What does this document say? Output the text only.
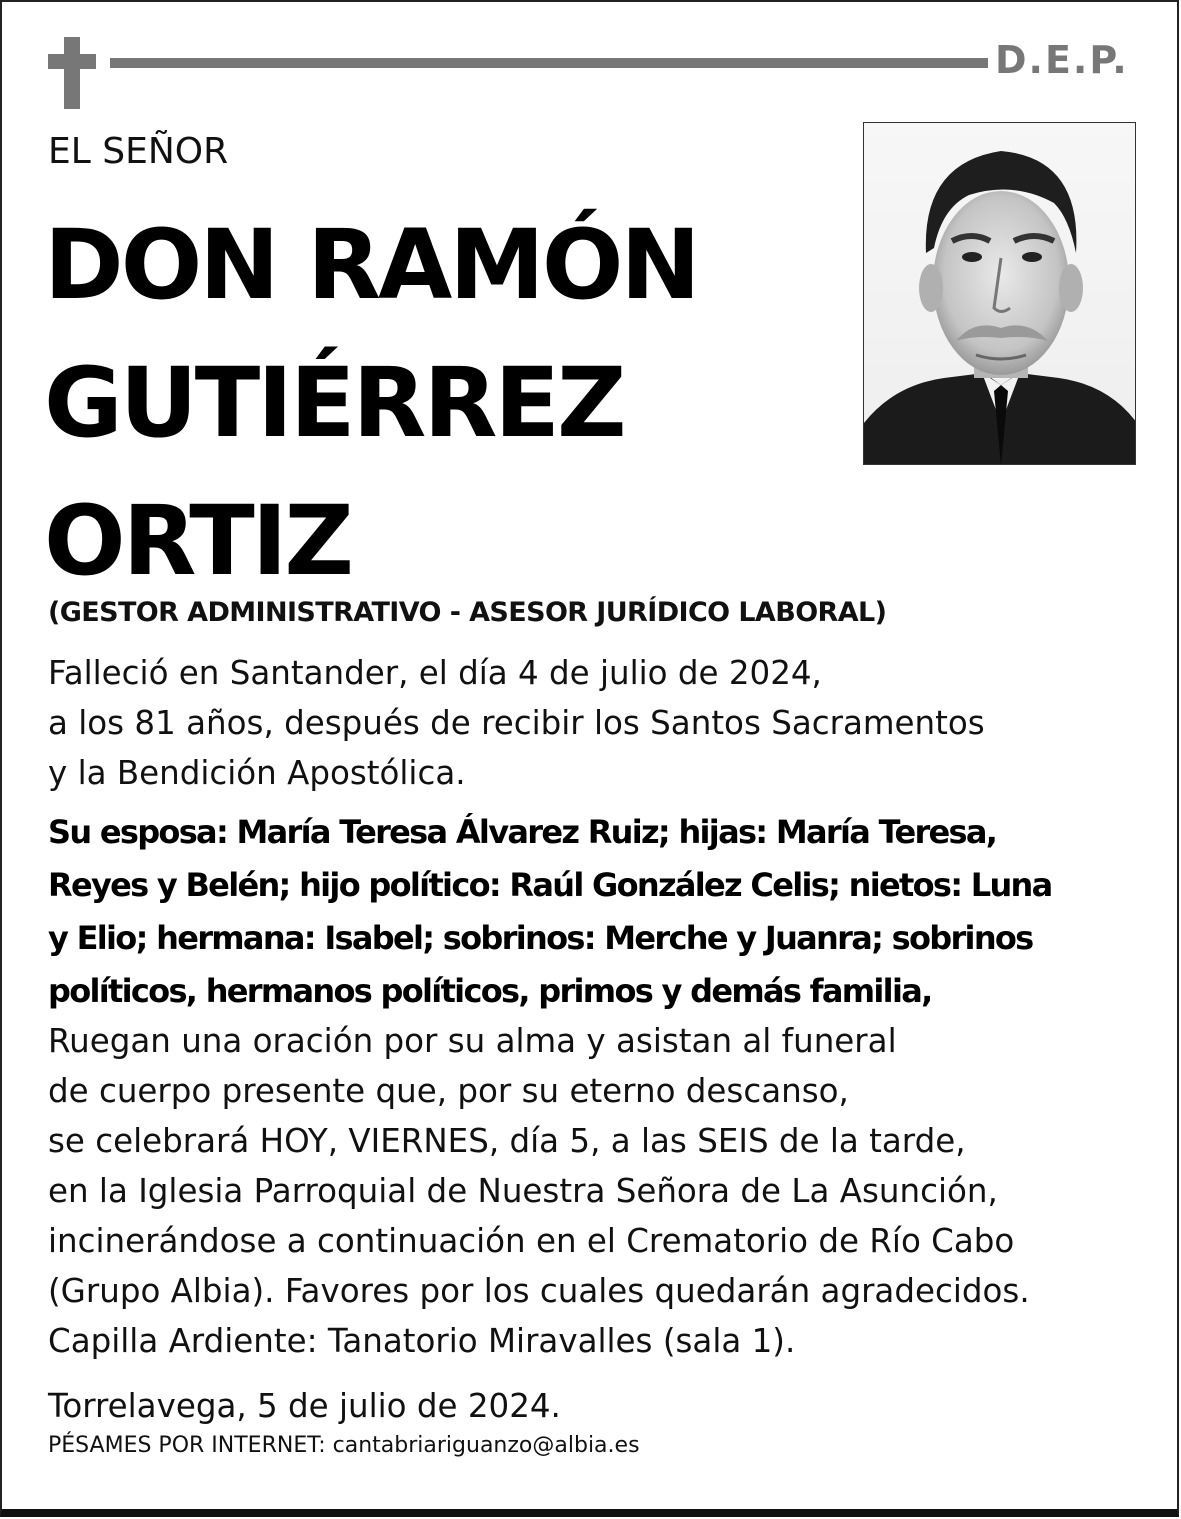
D.E.P.
EL SEÑOR
DON RAMÓN
GUTIÉRREZ
ORTIZ
(GESTOR ADMINISTRATIVO - ASESOR JURÍDICO LABORAL)
Falleció en Santander, el día 4 de julio de 2024,
a los 81 años, después de recibir los Santos Sacramentos
y la Bendición Apostólica.
Su esposa: María Teresa Álvarez Ruiz; hijas: María Teresa,
Reyes y Belén; hijo político: Raúl González Celis; nietos: Luna
y Elio; hermana: Isabel; sobrinos: Merche y Juanra; sobrinos
políticos, hermanos políticos, primos y demás familia,
Ruegan una oración por su alma y asistan al funeral
de cuerpo presente que, por su eterno descanso,
se celebrará HOY, VIERNES, día 5, a las SEIS de la tarde,
en la Iglesia Parroquial de Nuestra Señora de La Asunción,
incinerándose a continuación en el Crematorio de Río Cabo
(Grupo Albia). Favores por los cuales quedarán agradecidos.
Capilla Ardiente: Tanatorio Miravalles (sala 1).
Torrelavega, 5 de julio de 2024.
PÉSAMES POR INTERNET: cantabriariguanzo@albia.es
